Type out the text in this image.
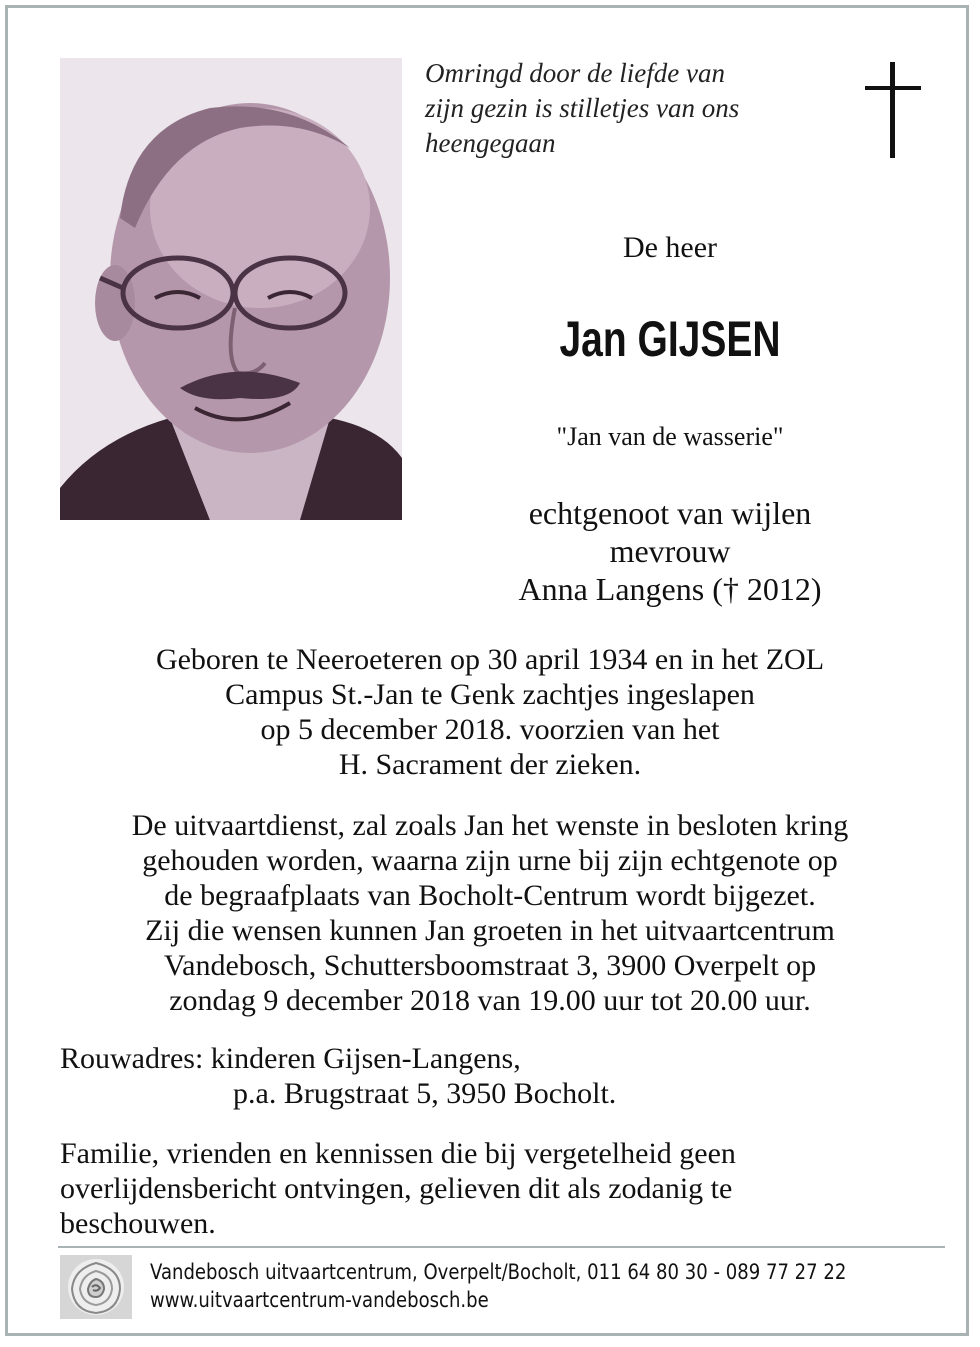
Omringd door de liefde van
zijn gezin is stilletjes van ons
heengegaan
De heer
Jan GIJSEN
"Jan van de wasserie"
echtgenoot van wijlen
mevrouw
Anna Langens († 2012)
Geboren te Neeroeteren op 30 april 1934 en in het ZOL
Campus St.-Jan te Genk zachtjes ingeslapen
op 5 december 2018. voorzien van het
H. Sacrament der zieken.
De uitvaartdienst, zal zoals Jan het wenste in besloten kring
gehouden worden, waarna zijn urne bij zijn echtgenote op
de begraafplaats van Bocholt-Centrum wordt bijgezet.
Zij die wensen kunnen Jan groeten in het uitvaartcentrum
Vandebosch, Schuttersboomstraat 3, 3900 Overpelt op
zondag 9 december 2018 van 19.00 uur tot 20.00 uur.
Rouwadres: kinderen Gijsen-Langens,
p.a. Brugstraat 5, 3950 Bocholt.
Familie, vrienden en kennissen die bij vergetelheid geen
overlijdensbericht ontvingen, gelieven dit als zodanig te
beschouwen.
Vandebosch uitvaartcentrum, Overpelt/Bocholt, 011 64 80 30 - 089 77 27 22
www.uitvaartcentrum-vandebosch.be
